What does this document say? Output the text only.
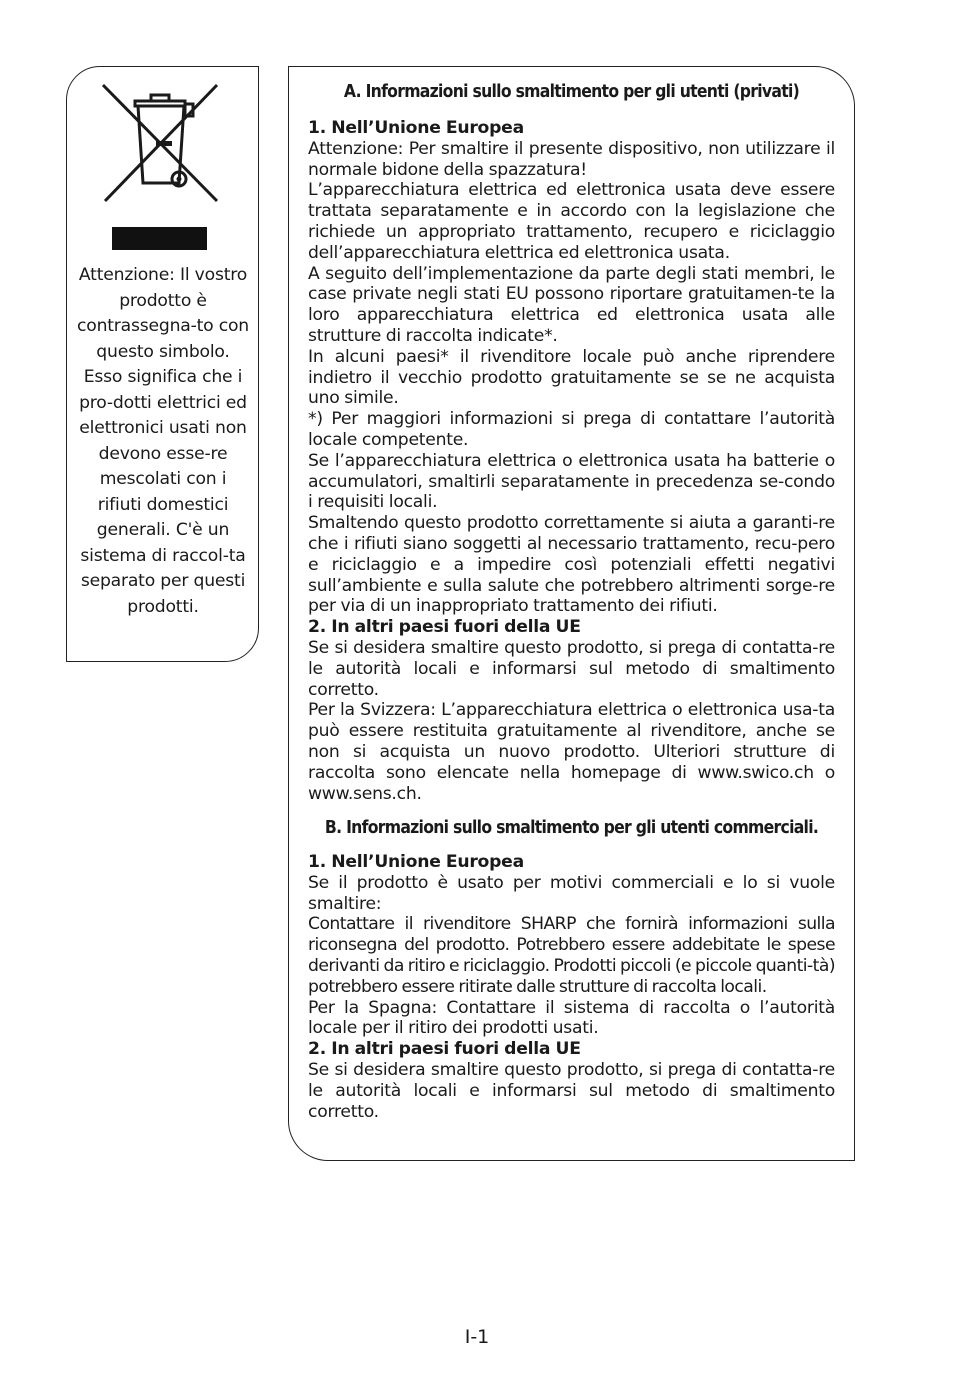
Attenzione: Il vostro prodotto è contrassegna-to con questo simbolo. Esso significa che i pro-dotti elettrici ed elettronici usati non devono esse-re mescolati con i rifiuti domestici generali. C'è un sistema di raccol-ta separato per questi prodotti.
A. Informazioni sullo smaltimento per gli utenti (privati)

1. Nell’Unione Europea

Attenzione: Per smaltire il presente dispositivo, non utilizzare il normale bidone della spazzatura!

L’apparecchiatura elettrica ed elettronica usata deve essere trattata separatamente e in accordo con la legislazione che richiede un appropriato trattamento, recupero e riciclaggio dell’apparecchiatura elettrica ed elettronica usata.

A seguito dell’implementazione da parte degli stati membri, le case private negli stati EU possono riportare gratuitamen-te la loro apparecchiatura elettrica ed elettronica usata alle strutture di raccolta indicate*.

In alcuni paesi* il rivenditore locale può anche riprendere indietro il vecchio prodotto gratuitamente se se ne acquista uno simile.

*) Per maggiori informazioni si prega di contattare l’autorità locale competente.

Se l’apparecchiatura elettrica o elettronica usata ha batterie o accumulatori, smaltirli separatamente in precedenza se-condo i requisiti locali.

Smaltendo questo prodotto correttamente si aiuta a garanti-re che i rifiuti siano soggetti al necessario trattamento, recu-pero e riciclaggio e a impedire così potenziali effetti negativi sull’ambiente e sulla salute che potrebbero altrimenti sorge-re per via di un inappropriato trattamento dei rifiuti.

2. In altri paesi fuori della UE

Se si desidera smaltire questo prodotto, si prega di contatta-re le autorità locali e informarsi sul metodo di smaltimento corretto.

Per la Svizzera: L’apparecchiatura elettrica o elettronica usa-ta può essere restituita gratuitamente al rivenditore, anche se non si acquista un nuovo prodotto. Ulteriori strutture di raccolta sono elencate nella homepage di www.swico.ch o www.sens.ch.

B. Informazioni sullo smaltimento per gli utenti commerciali.

1. Nell’Unione Europea

Se il prodotto è usato per motivi commerciali e lo si vuole smaltire:

Contattare il rivenditore SHARP che fornirà informazioni sulla riconsegna del prodotto. Potrebbero essere addebitate le spese derivanti da ritiro e riciclaggio. Prodotti piccoli (e piccole quanti-tà) potrebbero essere ritirate dalle strutture di raccolta locali.

Per la Spagna: Contattare il sistema di raccolta o l’autorità locale per il ritiro dei prodotti usati.

2. In altri paesi fuori della UE

Se si desidera smaltire questo prodotto, si prega di contatta-re le autorità locali e informarsi sul metodo di smaltimento corretto.

I-1
